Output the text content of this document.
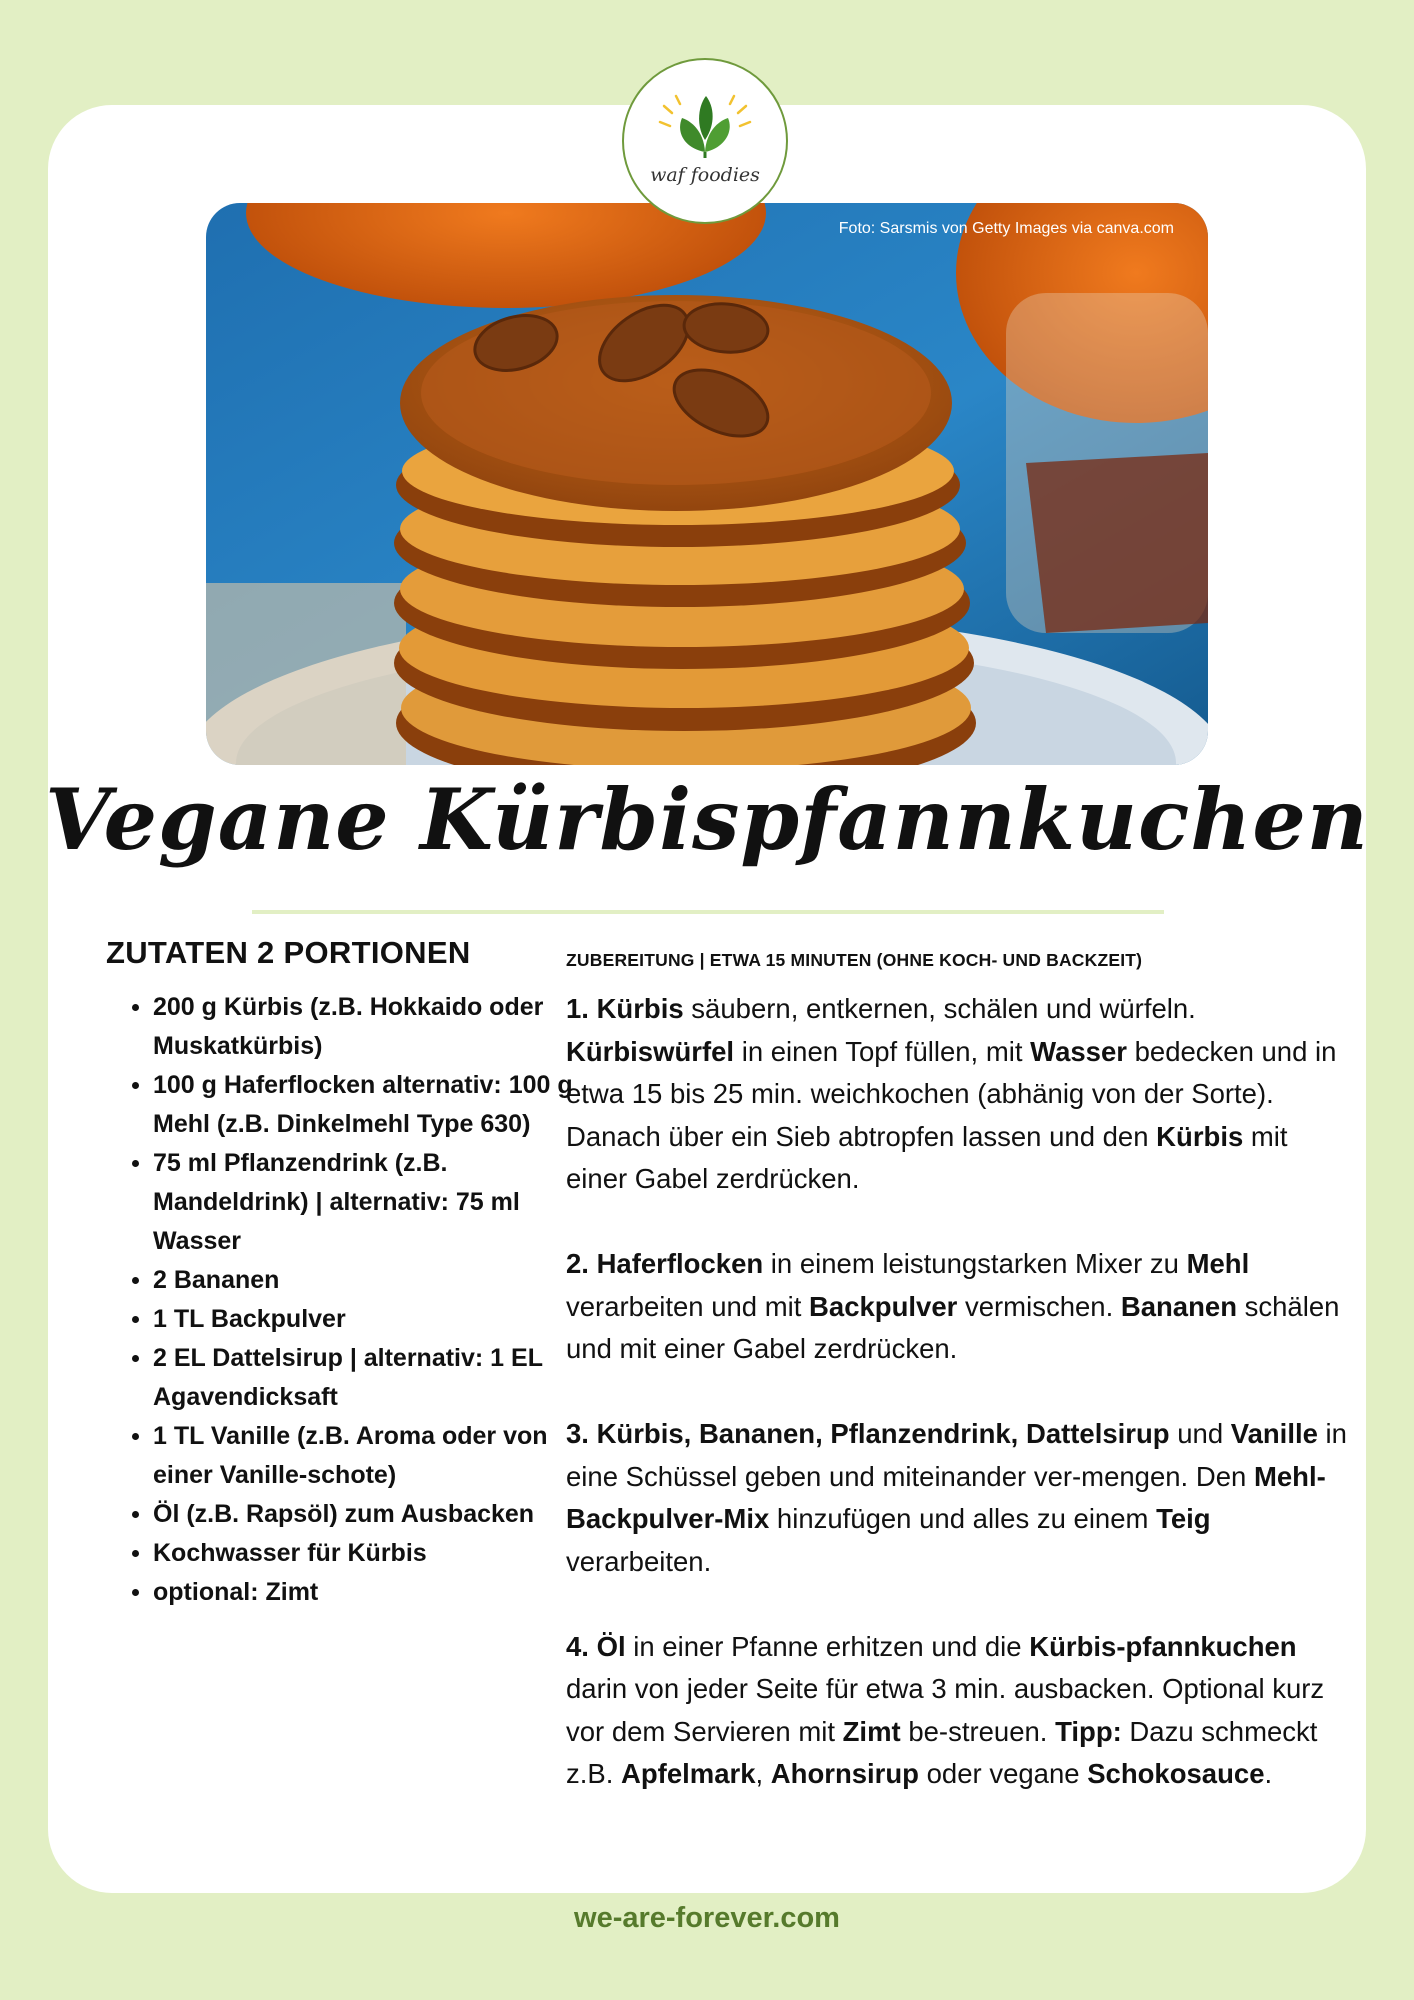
waf foodies
Foto: Sarsmis von Getty Images via canva.com
Vegane Kürbispfannkuchen
ZUTATEN 2 PORTIONEN
• 200 g Kürbis (z.B. Hokkaido oder Muskatkürbis)
• 100 g Haferflocken alternativ: 100 g Mehl (z.B. Dinkelmehl Type 630)
• 75 ml Pflanzendrink (z.B. Mandeldrink) | alternativ: 75 ml Wasser
• 2 Bananen
• 1 TL Backpulver
• 2 EL Dattelsirup | alternativ: 1 EL Agavendicksaft
• 1 TL Vanille (z.B. Aroma oder von einer Vanille-schote)
• Öl (z.B. Rapsöl) zum Ausbacken
• Kochwasser für Kürbis
• optional: Zimt
ZUBEREITUNG | ETWA 15 MINUTEN (OHNE KOCH- UND BACKZEIT)

1. Kürbis säubern, entkernen, schälen und würfeln. Kürbiswürfel in einen Topf füllen, mit Wasser bedecken und in etwa 15 bis 25 min. weichkochen (abhänig von der Sorte). Danach über ein Sieb abtropfen lassen und den Kürbis mit einer Gabel zerdrücken.

2. Haferflocken in einem leistungstarken Mixer zu Mehl verarbeiten und mit Backpulver vermischen. Bananen schälen und mit einer Gabel zerdrücken.

3. Kürbis, Bananen, Pflanzendrink, Dattelsirup und Vanille in eine Schüssel geben und miteinander ver-mengen. Den Mehl-Backpulver-Mix hinzufügen und alles zu einem Teig verarbeiten.

4. Öl in einer Pfanne erhitzen und die Kürbis-pfannkuchen darin von jeder Seite für etwa 3 min. ausbacken. Optional kurz vor dem Servieren mit Zimt be-streuen. Tipp: Dazu schmeckt z.B. Apfelmark, Ahornsirup oder vegane Schokosauce.

we-are-forever.com
